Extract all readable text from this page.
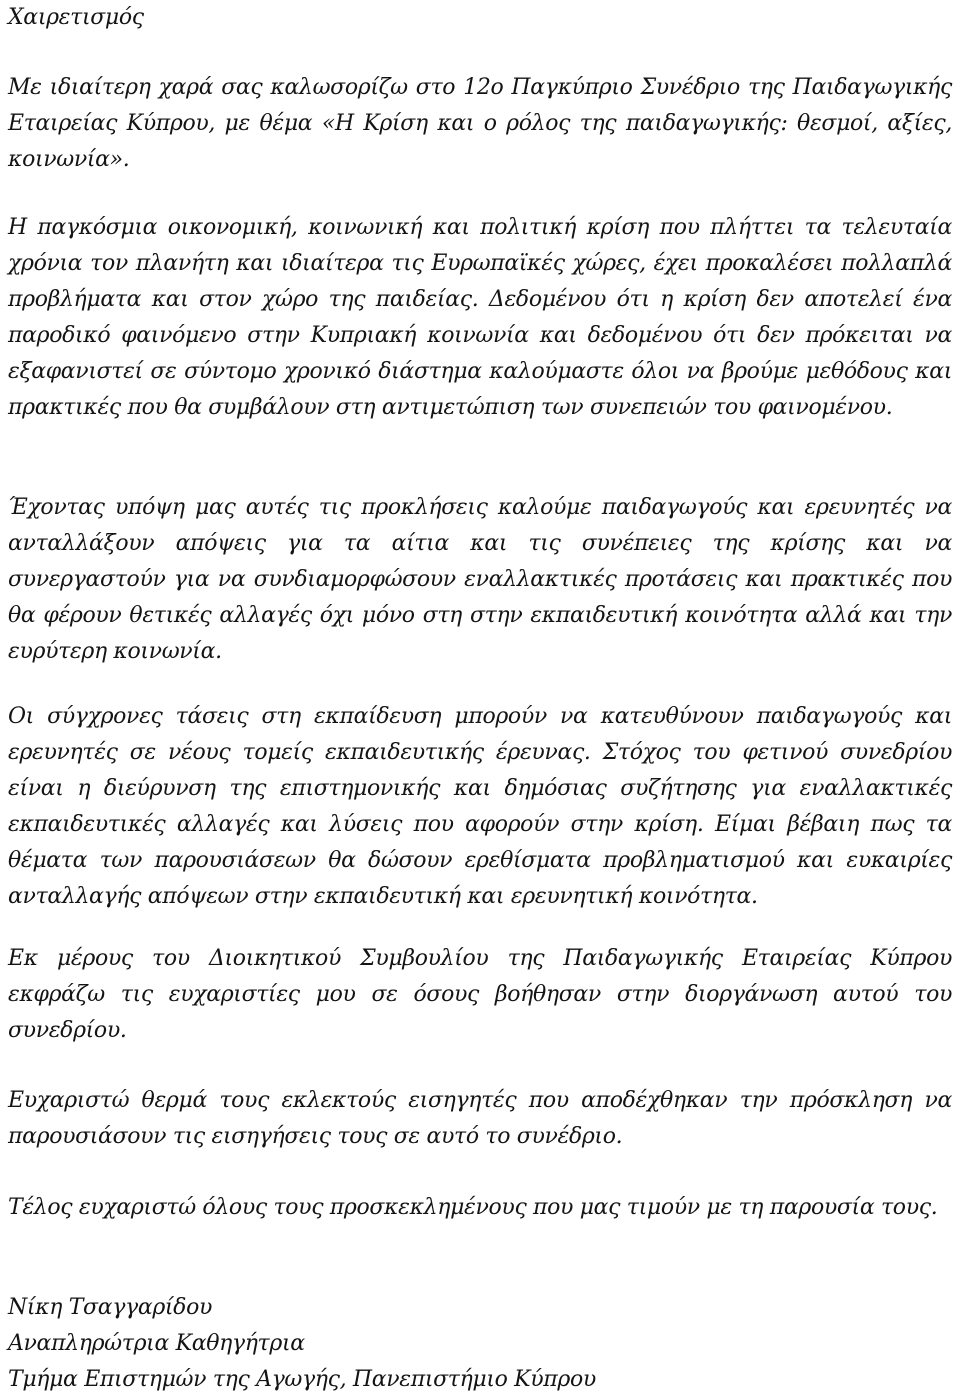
Χαιρετισμός

Με ιδιαίτερη χαρά σας καλωσορίζω στο 12ο Παγκύπριο Συνέδριο της Παιδαγωγικής Εταιρείας Κύπρου, με θέμα «Η Κρίση και ο ρόλος της παιδαγωγικής: θεσμοί, αξίες, κοινωνία».

Η παγκόσμια οικονομική, κοινωνική και πολιτική κρίση που πλήττει τα τελευταία χρόνια τον πλανήτη και ιδιαίτερα τις Ευρωπαϊκές χώρες, έχει προκαλέσει πολλαπλά προβλήματα και στον χώρο της παιδείας. Δεδομένου ότι η κρίση δεν αποτελεί ένα παροδικό φαινόμενο στην Κυπριακή κοινωνία και δεδομένου ότι δεν πρόκειται να εξαφανιστεί σε σύντομο χρονικό διάστημα καλούμαστε όλοι να βρούμε μεθόδους και πρακτικές που θα συμβάλουν στη αντιμετώπιση των συνεπειών του φαινομένου.

Έχοντας υπόψη μας αυτές τις προκλήσεις καλούμε παιδαγωγούς και ερευνητές να ανταλλάξουν απόψεις για τα αίτια και τις συνέπειες της κρίσης και να συνεργαστούν για να συνδιαμορφώσουν εναλλακτικές προτάσεις και πρακτικές που θα φέρουν θετικές αλλαγές όχι μόνο στη στην εκπαιδευτική κοινότητα αλλά και την ευρύτερη κοινωνία.

Οι σύγχρονες τάσεις στη εκπαίδευση μπορούν να κατευθύνουν παιδαγωγούς και ερευνητές σε νέους τομείς εκπαιδευτικής έρευνας. Στόχος του φετινού συνεδρίου είναι η διεύρυνση της επιστημονικής και δημόσιας συζήτησης για εναλλακτικές εκπαιδευτικές αλλαγές και λύσεις που αφορούν στην κρίση. Είμαι βέβαιη πως τα θέματα των παρουσιάσεων θα δώσουν ερεθίσματα προβληματισμού και ευκαιρίες ανταλλαγής απόψεων στην εκπαιδευτική και ερευνητική κοινότητα.

Εκ μέρους του Διοικητικού Συμβουλίου της Παιδαγωγικής Εταιρείας Κύπρου εκφράζω τις ευχαριστίες μου σε όσους βοήθησαν στην διοργάνωση αυτού του συνεδρίου.

Ευχαριστώ θερμά τους εκλεκτούς εισηγητές που αποδέχθηκαν την πρόσκληση να παρουσιάσουν τις εισηγήσεις τους σε αυτό το συνέδριο.

Τέλος ευχαριστώ όλους τους προσκεκλημένους που μας τιμούν με τη παρουσία τους.

Νίκη Τσαγγαρίδου
Αναπληρώτρια Καθηγήτρια
Τμήμα Επιστημών της Αγωγής, Πανεπιστήμιο Κύπρου
